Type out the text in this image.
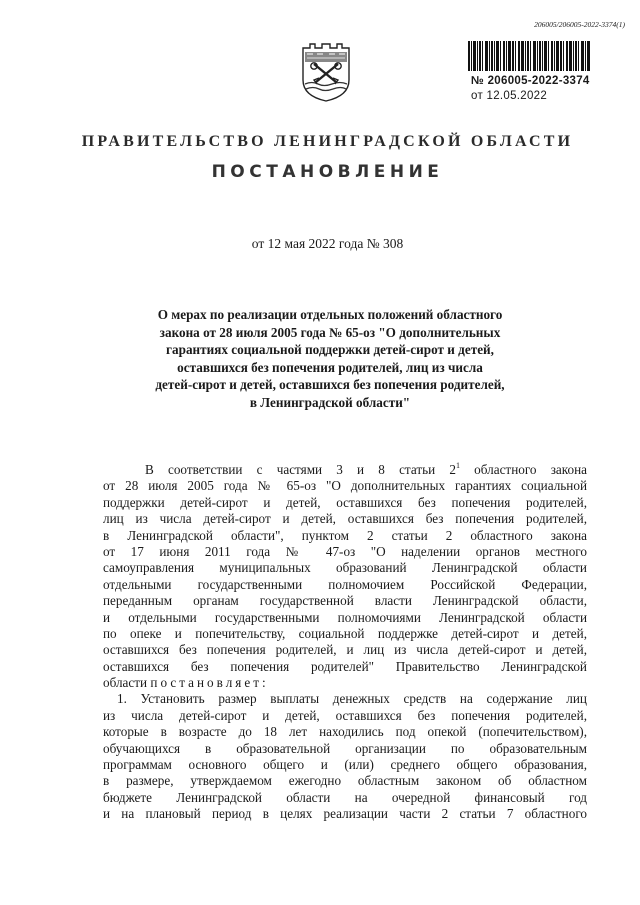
206005/206005-2022-3374(1)
№ 206005-2022-3374
от 12.05.2022
ПРАВИТЕЛЬСТВО ЛЕНИНГРАДСКОЙ ОБЛАСТИ
ПОСТАНОВЛЕНИЕ
от 12 мая 2022 года № 308
О мерах по реализации отдельных положений областного
закона от 28 июля 2005 года № 65-оз "О дополнительных
гарантиях социальной поддержки детей-сирот и детей,
оставшихся без попечения родителей, лиц из числа
детей-сирот и детей, оставшихся без попечения родителей,
в Ленинградской области"
В соответствии с частями 3 и 8 статьи $2^1$ областного закона
от 28 июля 2005 года № 65-оз "О дополнительных гарантиях социальной
поддержки детей-сирот и детей, оставшихся без попечения родителей,
лиц из числа детей-сирот и детей, оставшихся без попечения родителей,
в Ленинградской области", пунктом 2 статьи 2 областного закона
от 17 июня 2011 года № 47-оз "О наделении органов местного
самоуправления муниципальных образований Ленинградской области
отдельными государственными полномочием Российской Федерации,
переданным органам государственной власти Ленинградской области,
и отдельными государственными полномочиями Ленинградской области
по опеке и попечительству, социальной поддержке детей-сирот и детей,
оставшихся без попечения родителей, и лиц из числа детей-сирот и детей,
оставшихся без попечения родителей" Правительство Ленинградской
области постановляет:
1. Установить размер выплаты денежных средств на содержание лиц
из числа детей-сирот и детей, оставшихся без попечения родителей,
которые в возрасте до 18 лет находились под опекой (попечительством),
обучающихся в образовательной организации по образовательным
программам основного общего и (или) среднего общего образования,
в размере, утверждаемом ежегодно областным законом об областном
бюджете Ленинградской области на очередной финансовый год
и на плановый период в целях реализации части 2 статьи 7 областного
